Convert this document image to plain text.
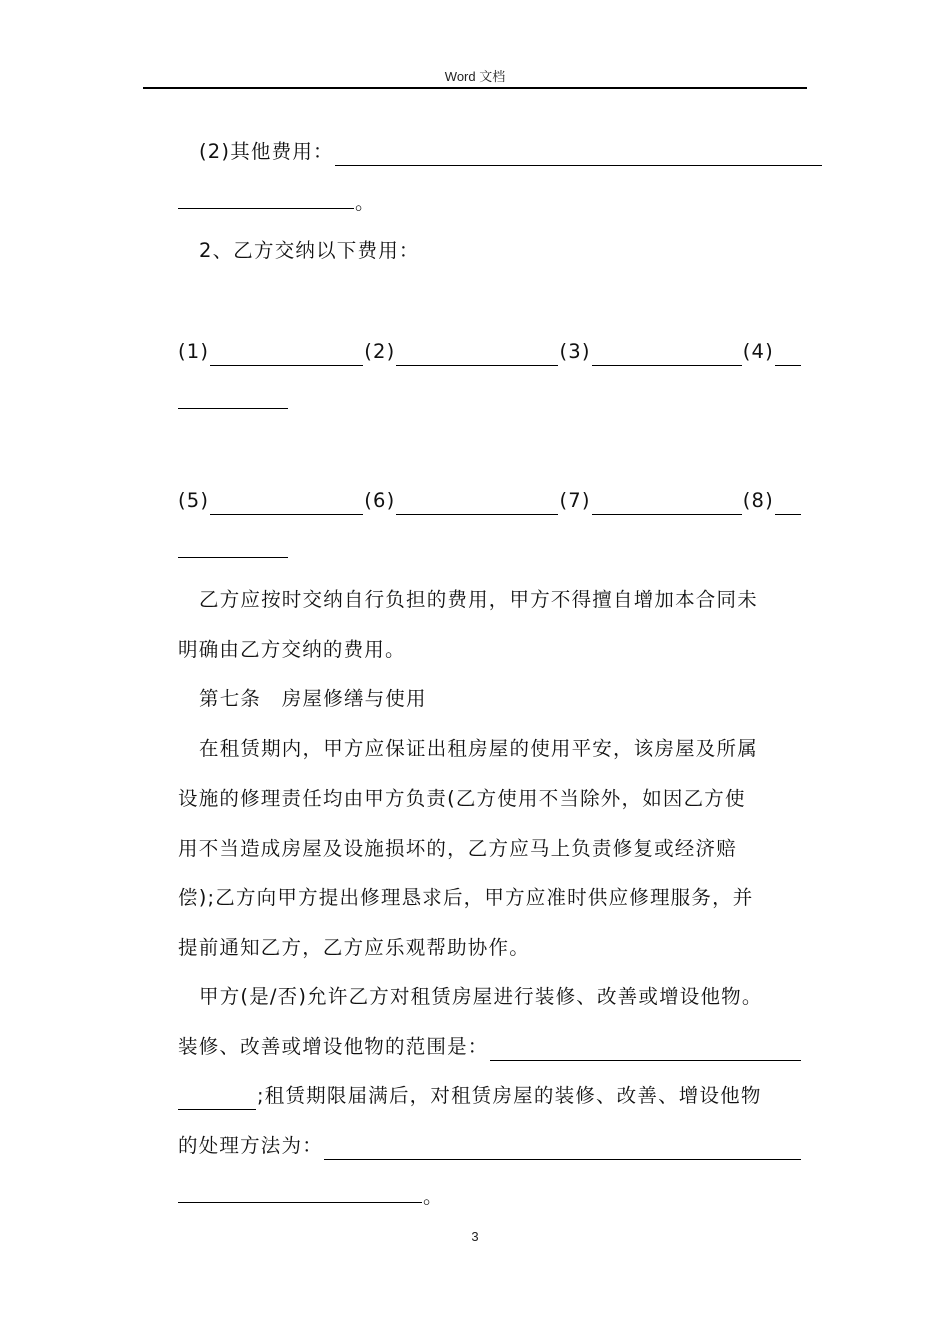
Word 文档
(2)其他费用：
。
2、乙方交纳以下费用：
(1)	(2)	(3)	(4)
(5)	(6)	(7)	(8)
乙方应按时交纳自行负担的费用，甲方不得擅自增加本合同未
明确由乙方交纳的费用。
第七条　房屋修缮与使用
在租赁期内，甲方应保证出租房屋的使用平安，该房屋及所属
设施的修理责任均由甲方负责(乙方使用不当除外，如因乙方使
用不当造成房屋及设施损坏的，乙方应马上负责修复或经济赔
偿);乙方向甲方提出修理恳求后，甲方应准时供应修理服务，并
提前通知乙方，乙方应乐观帮助协作。
甲方(是/否)允许乙方对租赁房屋进行装修、改善或增设他物。
装修、改善或增设他物的范围是：
;租赁期限届满后，对租赁房屋的装修、改善、增设他物
的处理方法为：
。
3
